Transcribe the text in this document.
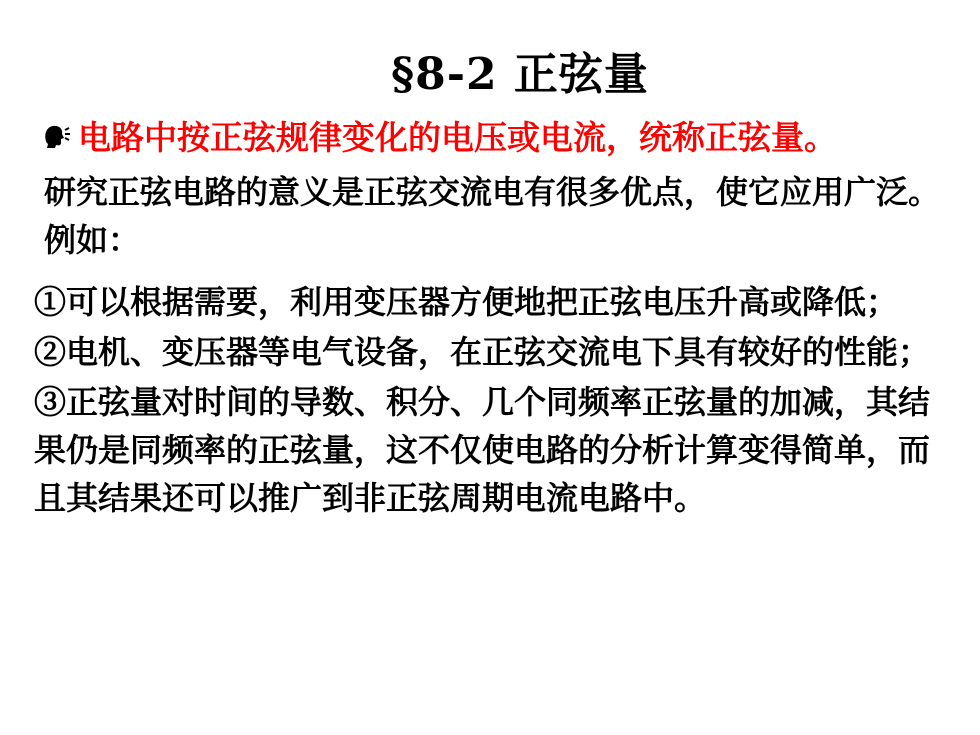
§8-2 正弦量
电路中按正弦规律变化的电压或电流，统称正弦量。
研究正弦电路的意义是正弦交流电有很多优点，使它应用广泛。例如：
①可以根据需要，利用变压器方便地把正弦电压升高或降低；
②电机、变压器等电气设备，在正弦交流电下具有较好的性能；
③正弦量对时间的导数、积分、几个同频率正弦量的加减，其结果仍是同频率的正弦量，这不仅使电路的分析计算变得简单，而且其结果还可以推广到非正弦周期电流电路中。
